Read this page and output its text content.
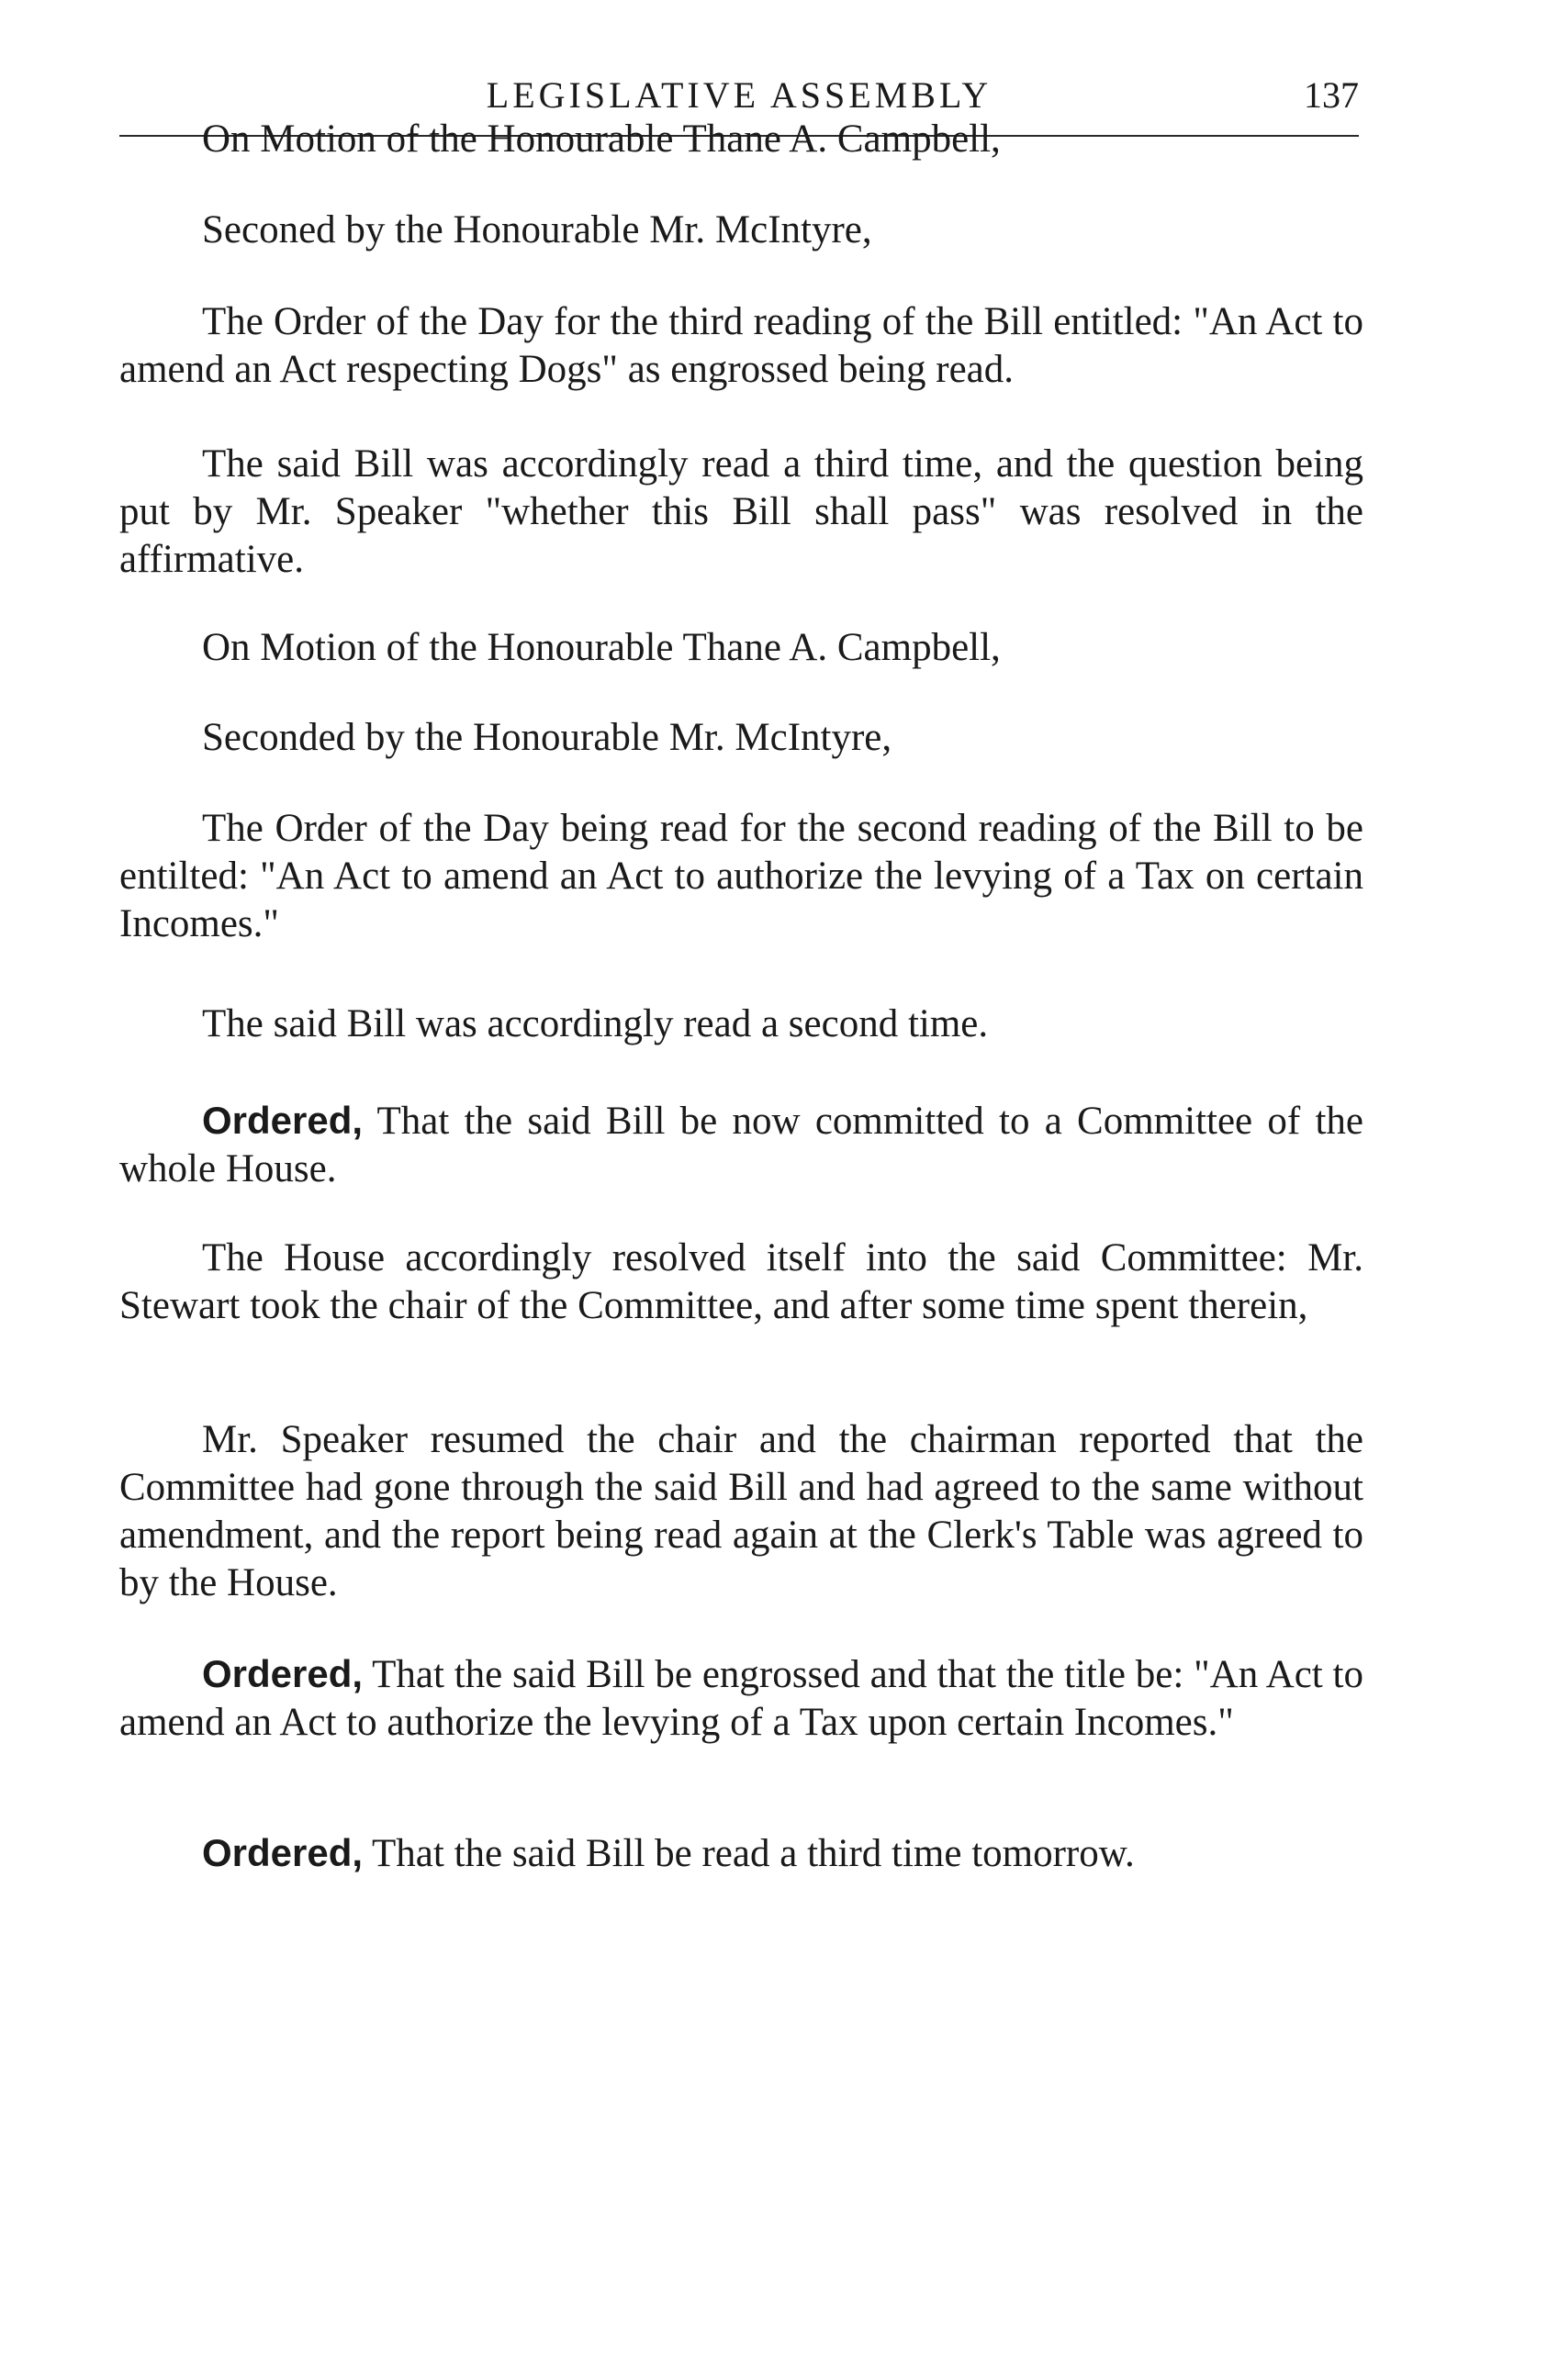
LEGISLATIVE ASSEMBLY	137

On Motion of the Honourable Thane A. Campbell,

Seconed by the Honourable Mr. McIntyre,

The Order of the Day for the third reading of the Bill entitled: "An Act to amend an Act respecting Dogs" as engrossed being read.

The said Bill was accordingly read a third time, and the question being put by Mr. Speaker "whether this Bill shall pass" was resolved in the affirmative.

On Motion of the Honourable Thane A. Campbell,

Seconded by the Honourable Mr. McIntyre,

The Order of the Day being read for the second reading of the Bill to be entilted: "An Act to amend an Act to authorize the levying of a Tax on certain Incomes."

The said Bill was accordingly read a second time.

Ordered, That the said Bill be now committed to a Committee of the whole House.

The House accordingly resolved itself into the said Committee: Mr. Stewart took the chair of the Committee, and after some time spent therein,

Mr. Speaker resumed the chair and the chairman reported that the Committee had gone through the said Bill and had agreed to the same without amendment, and the report being read again at the Clerk's Table was agreed to by the House.

Ordered, That the said Bill be engrossed and that the title be: "An Act to amend an Act to authorize the levying of a Tax upon certain Incomes."

Ordered, That the said Bill be read a third time tomorrow.
